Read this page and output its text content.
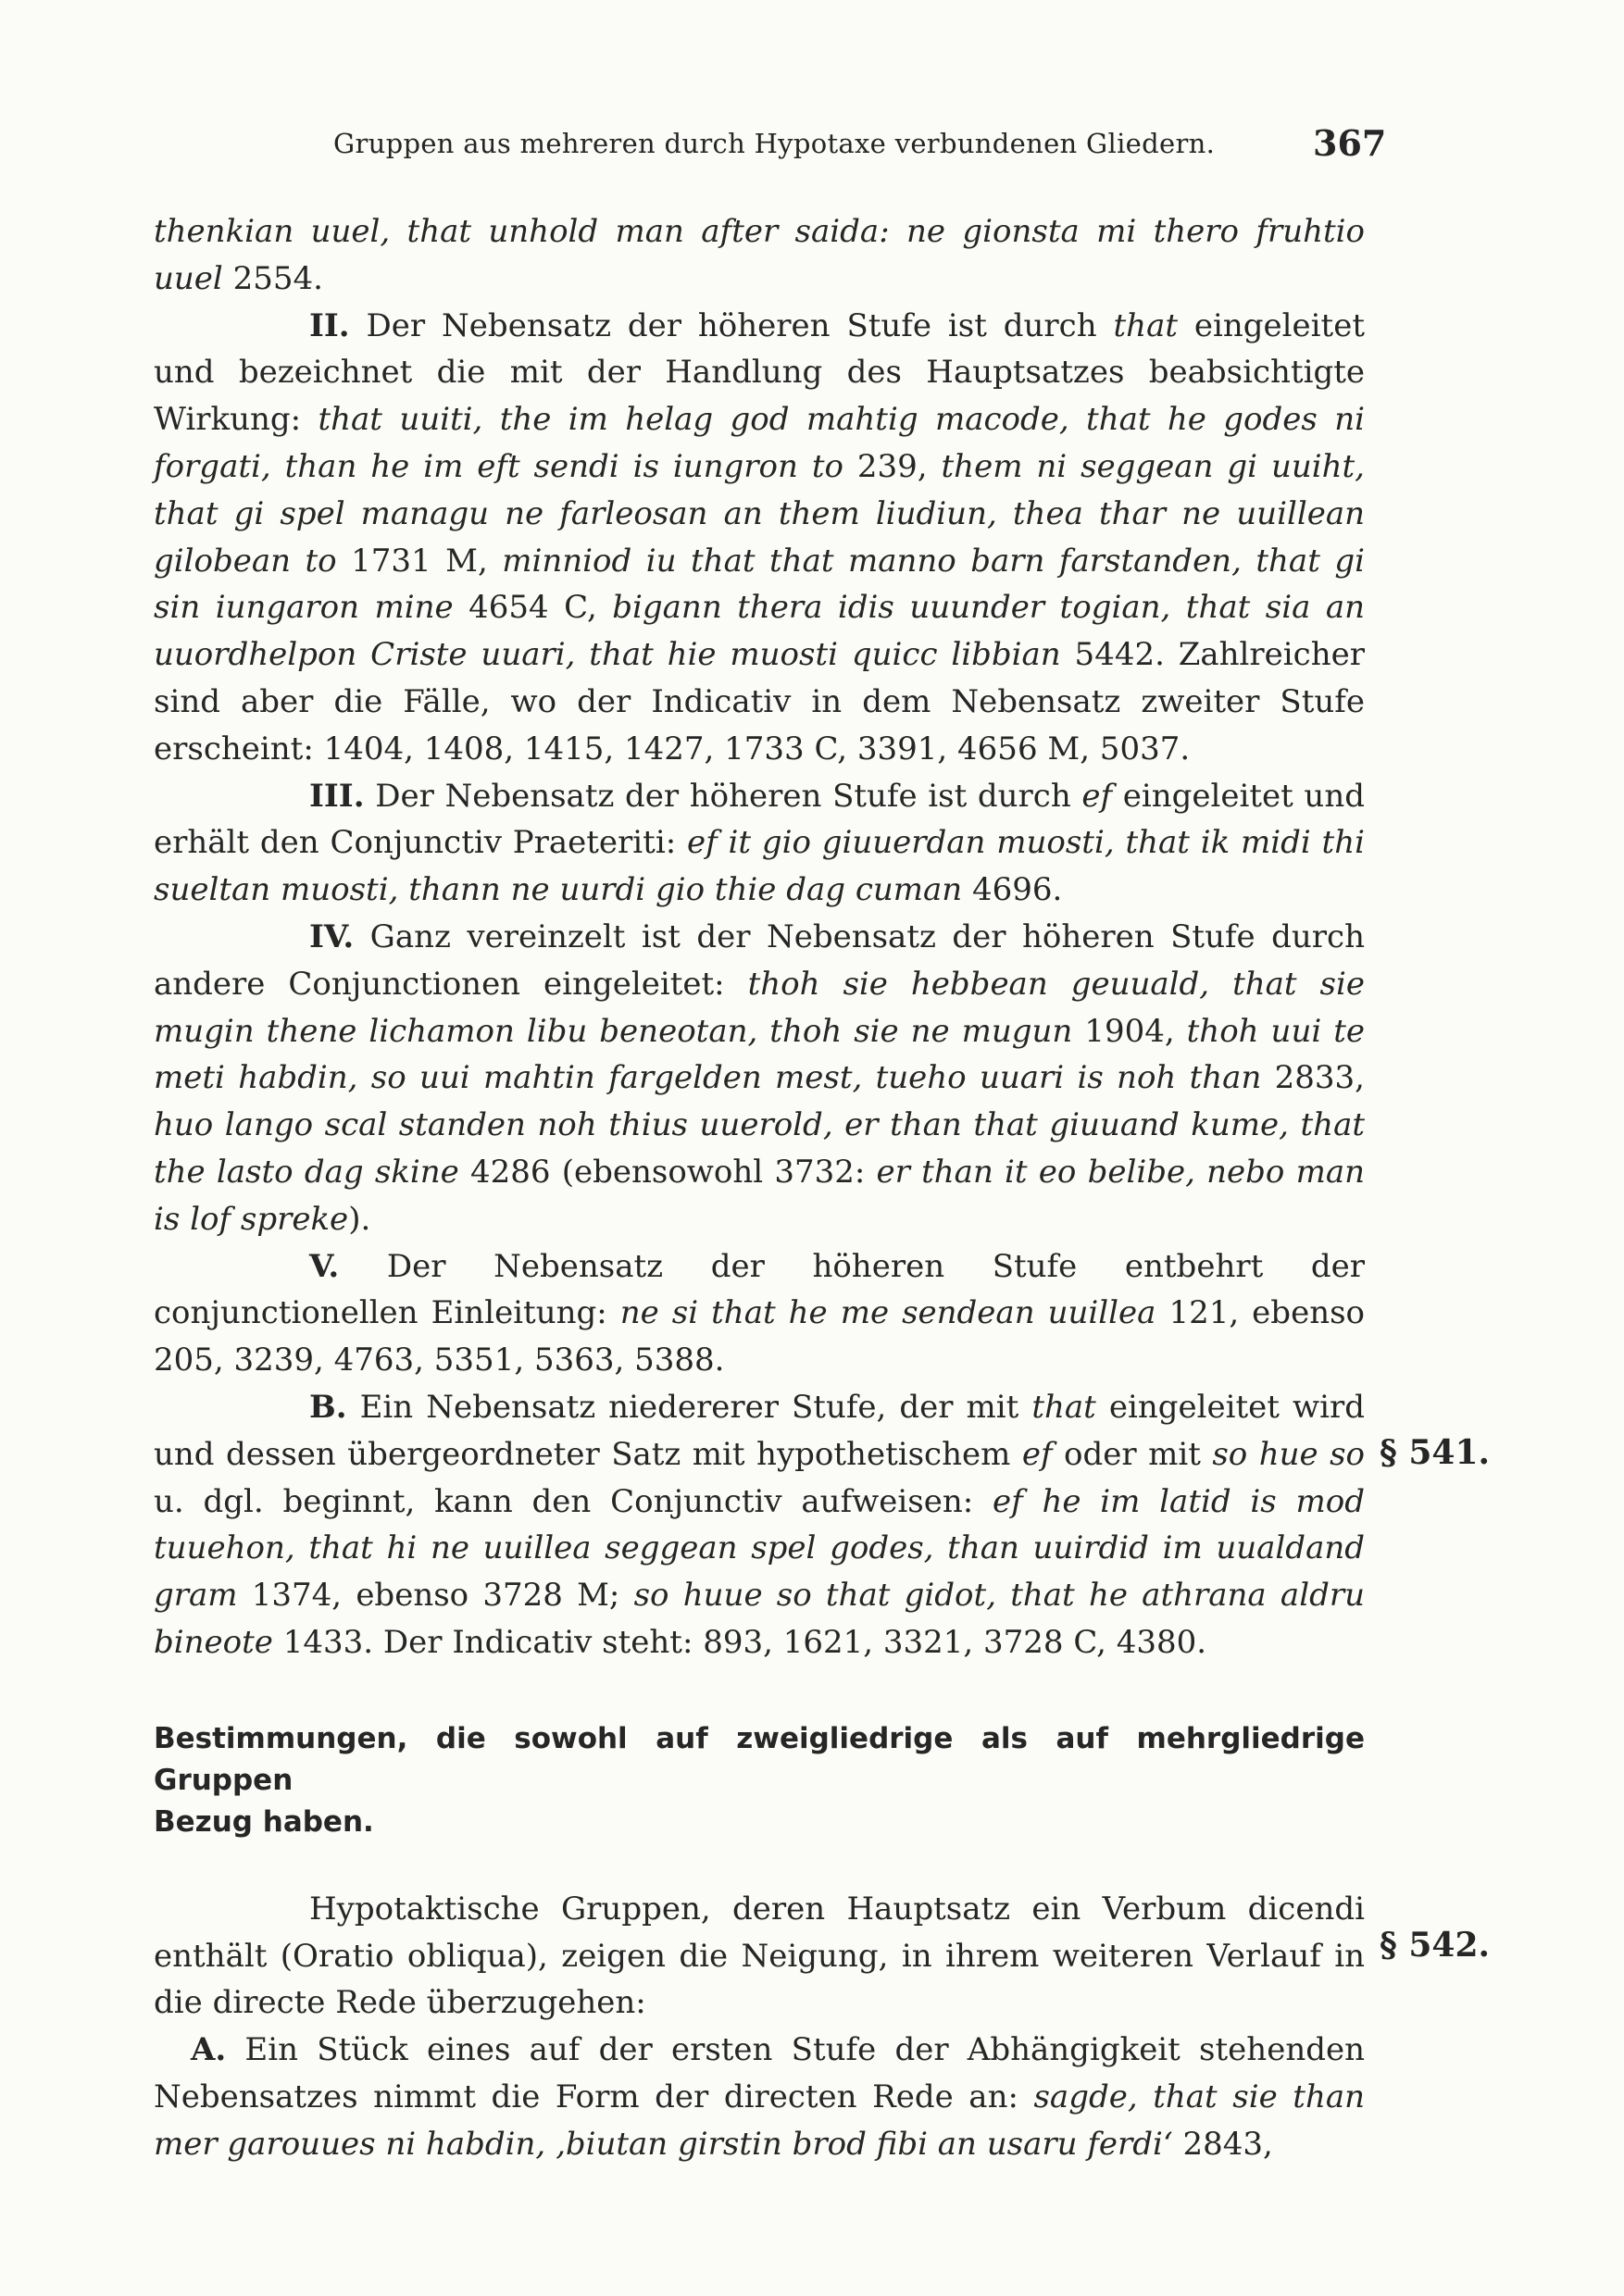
Gruppen aus mehreren durch Hypotaxe verbundenen Gliedern.	367

thenkian uuel, that unhold man after saida: ne gionsta mi thero fruhtio uuel 2554.

II. Der Nebensatz der höheren Stufe ist durch that eingeleitet und bezeichnet die mit der Handlung des Hauptsatzes beabsichtigte Wirkung: that uuiti, the im helag god mahtig macode, that he godes ni forgati, than he im eft sendi is iungron to 239, them ni seggean gi uuiht, that gi spel managu ne farleosan an them liudiun, thea thar ne uuillean gilobean to 1731 M, minniod iu that that manno barn farstanden, that gi sin iungaron mine 4654 C, bigann thera idis uuunder togian, that sia an uuordhelpon Criste uuari, that hie muosti quicc libbian 5442. Zahlreicher sind aber die Fälle, wo der Indicativ in dem Nebensatz zweiter Stufe erscheint: 1404, 1408, 1415, 1427, 1733 C, 3391, 4656 M, 5037.

III. Der Nebensatz der höheren Stufe ist durch ef eingeleitet und erhält den Conjunctiv Praeteriti: ef it gio giuuerdan muosti, that ik midi thi sueltan muosti, thann ne uurdi gio thie dag cuman 4696.

IV. Ganz vereinzelt ist der Nebensatz der höheren Stufe durch andere Conjunctionen eingeleitet: thoh sie hebbean geuuald, that sie mugin thene lichamon libu beneotan, thoh sie ne mugun 1904, thoh uui te meti habdin, so uui mahtin fargelden mest, tueho uuari is noh than 2833, huo lango scal standen noh thius uuerold, er than that giuuand kume, that the lasto dag skine 4286 (ebensowohl 3732: er than it eo belibe, nebo man is lof spreke).

V. Der Nebensatz der höheren Stufe entbehrt der conjunctionellen Einleitung: ne si that he me sendean uuillea 121, ebenso 205, 3239, 4763, 5351, 5363, 5388.

B. Ein Nebensatz niedererer Stufe, der mit that eingeleitet wird und dessen übergeordneter Satz mit hypothetischem ef oder mit so hue so u. dgl. beginnt, kann den Conjunctiv aufweisen: ef he im latid is mod tuuehon, that hi ne uuillea seggean spel godes, than uuirdid im uualdand gram 1374, ebenso 3728 M; so huue so that gidot, that he athrana aldru bineote 1433. Der Indicativ steht: 893, 1621, 3321, 3728 C, 4380.

Bestimmungen, die sowohl auf zweigliedrige als auf mehrgliedrige Gruppen
Bezug haben.

Hypotaktische Gruppen, deren Hauptsatz ein Verbum dicendi enthält (Oratio obliqua), zeigen die Neigung, in ihrem weiteren Verlauf in die directe Rede überzugehen:

A. Ein Stück eines auf der ersten Stufe der Abhängigkeit stehenden Nebensatzes nimmt die Form der directen Rede an: sagde, that sie than mer garouues ni habdin, ‚biutan girstin brod fibi an usaru ferdi‘ 2843,

§ 541.
§ 542.
